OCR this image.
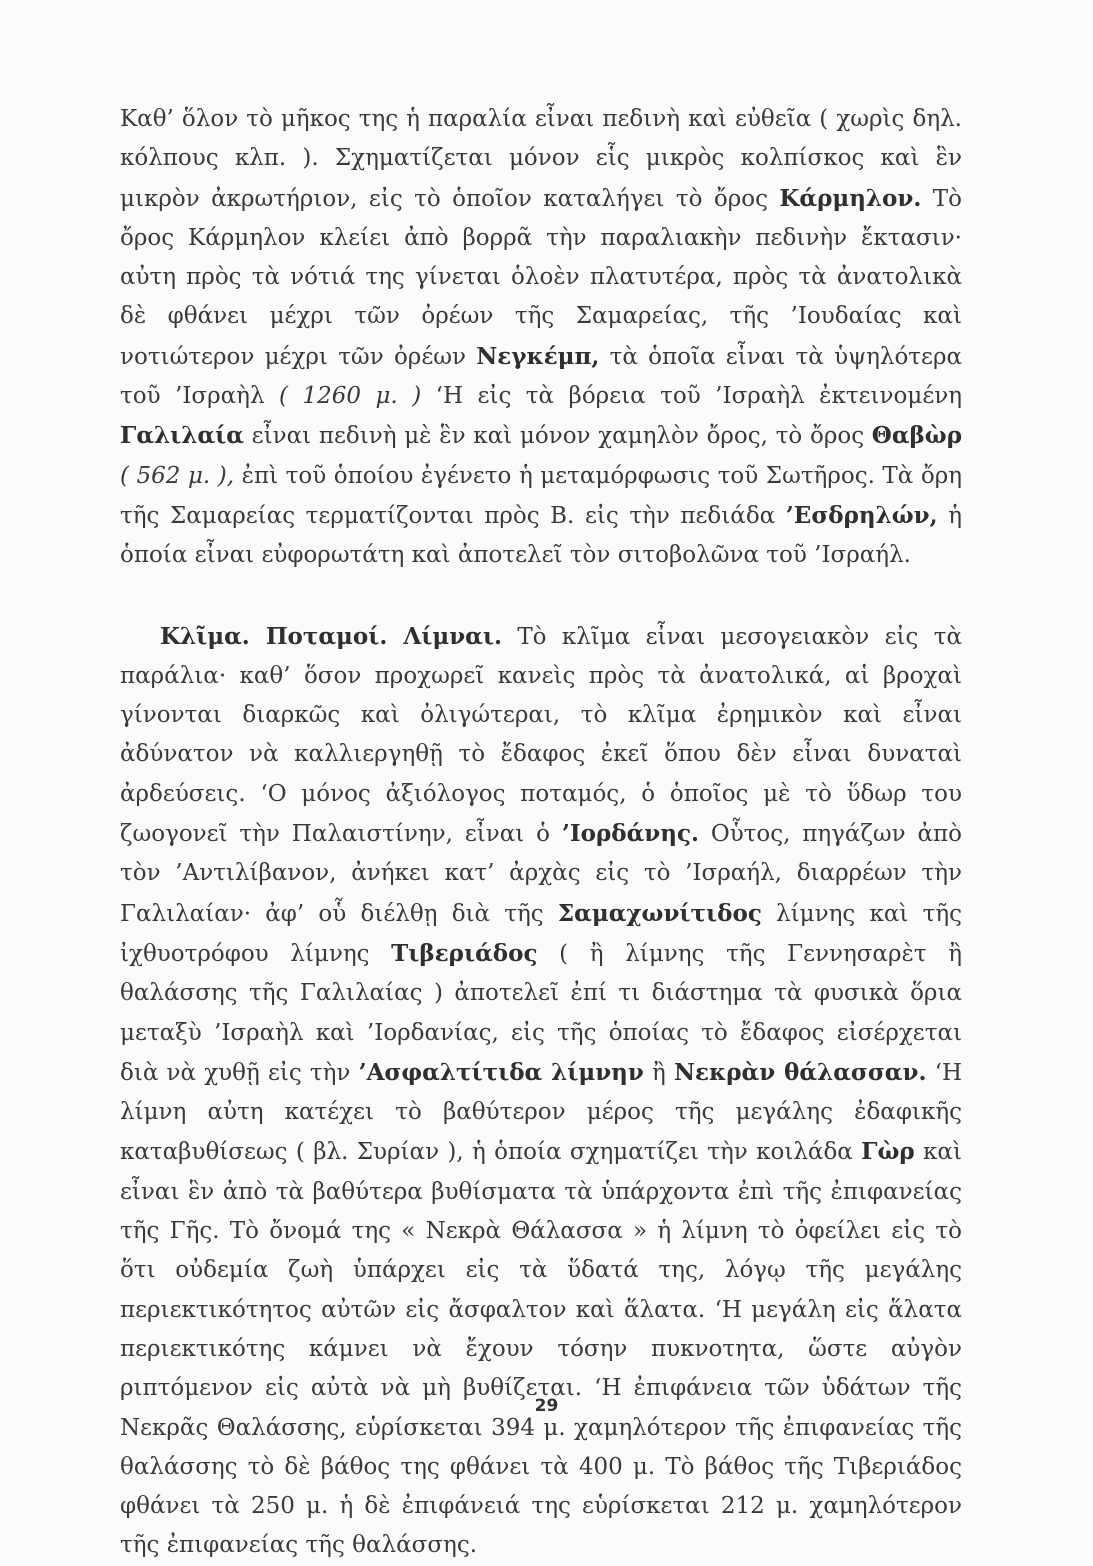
Καθ’ ὅλον τὸ μῆκος της ἡ παραλία εἶναι πεδινὴ καὶ εὐθεῖα ( χωρὶς δηλ. κόλπους κλπ. ). Σχηματίζεται μόνον εἷς μικρὸς κολπίσκος καὶ ἓν μικρὸν ἀκρωτήριον, εἰς τὸ ὁποῖον καταλήγει τὸ ὄρος Κάρμηλον. Τὸ ὄρος Κάρμηλον κλείει ἀπὸ βορρᾶ τὴν παραλιακὴν πεδινὴν ἔκτασιν· αὐτη πρὸς τὰ νότιά της γίνεται ὁλοὲν πλατυτέρα, πρὸς τὰ ἀνατολικὰ δὲ φθάνει μέχρι τῶν ὀρέων τῆς Σαμαρείας, τῆς ’Ιουδαίας καὶ νοτιώτερον μέχρι τῶν ὀρέων Νεγκέμπ, τὰ ὁποῖα εἶναι τὰ ὑψηλότερα τοῦ ’Ισραὴλ ( 1260 μ. ) ‘Η εἰς τὰ βόρεια τοῦ ’Ισραὴλ ἐκτεινομένη Γαλιλαία εἶναι πεδινὴ μὲ ἓν καὶ μόνον χαμηλὸν ὄρος, τὸ ὄρος Θαβὼρ ( 562 μ. ), ἐπὶ τοῦ ὁποίου ἐγένετο ἡ μεταμόρφωσις τοῦ Σωτῆρος. Τὰ ὄρη τῆς Σαμαρείας τερματίζονται πρὸς Β. εἰς τὴν πεδιάδα ’Εσδρηλών, ἡ ὁποία εἶναι εὐφορωτάτη καὶ ἀποτελεῖ τὸν σιτοβολῶνα τοῦ ’Ισραήλ.

Κλῖμα. Ποταμοί. Λίμναι. Τὸ κλῖμα εἶναι μεσογειακὸν εἰς τὰ παράλια· καθ’ ὅσον προχωρεῖ κανεὶς πρὸς τὰ ἀνατολικά, αἱ βροχαὶ γίνονται διαρκῶς καὶ ὀλιγώτεραι, τὸ κλῖμα ἐρημικὸν καὶ εἶναι ἀδύνατον νὰ καλλιεργηθῇ τὸ ἔδαφος ἐκεῖ ὅπου δὲν εἶναι δυναταὶ ἀρδεύσεις. ‘Ο μόνος ἀξιόλογος ποταμός, ὁ ὁποῖος μὲ τὸ ὕδωρ του ζωογονεῖ τὴν Παλαιστίνην, εἶναι ὁ ’Ιορδάνης. Οὗτος, πηγάζων ἀπὸ τὸν ’Αντιλίβανον, ἀνήκει κατ’ ἀρχὰς εἰς τὸ ’Ισραήλ, διαρρέων τὴν Γαλιλαίαν· ἀφ’ οὗ διέλθῃ διὰ τῆς Σαμαχωνίτιδος λίμνης καὶ τῆς ἰχθυοτρόφου λίμνης Τιβεριάδος ( ἢ λίμνης τῆς Γεννησαρὲτ ἢ θαλάσσης τῆς Γαλιλαίας ) ἀποτελεῖ ἐπί τι διάστημα τὰ φυσικὰ ὅρια μεταξὺ ’Ισραὴλ καὶ ’Ιορδανίας, εἰς τῆς ὁποίας τὸ ἔδαφος εἰσέρχεται διὰ νὰ χυθῇ εἰς τὴν ’Ασφαλτίτιδα λίμνην ἢ Νεκρὰν θάλασσαν. ‘Η λίμνη αὐτη κατέχει τὸ βαθύτερον μέρος τῆς μεγάλης ἐδαφικῆς καταβυθίσεως ( βλ. Συρίαν ), ἡ ὁποία σχηματίζει τὴν κοιλάδα Γὼρ καὶ εἶναι ἓν ἀπὸ τὰ βαθύτερα βυθίσματα τὰ ὑπάρχοντα ἐπὶ τῆς ἐπιφανείας τῆς Γῆς. Τὸ ὄνομά της « Νεκρὰ Θάλασσα » ἡ λίμνη τὸ ὀφείλει εἰς τὸ ὅτι οὐδεμία ζωὴ ὑπάρχει εἰς τὰ ὕδατά της, λόγῳ τῆς μεγάλης περιεκτικότητος αὐτῶν εἰς ἄσφαλτον καὶ ἅλατα. ‘Η μεγάλη εἰς ἅλατα περιεκτικότης κάμνει νὰ ἔχουν τόσην πυκνοτητα, ὥστε αὐγὸν ριπτόμενον εἰς αὐτὰ νὰ μὴ βυθίζεται. ‘Η ἐπιφάνεια τῶν ὑδάτων τῆς Νεκρᾶς Θαλάσσης, εὑρίσκεται 394 μ. χαμηλότερον τῆς ἐπιφανείας τῆς θαλάσσης τὸ δὲ βάθος της φθάνει τὰ 400 μ. Τὸ βάθος τῆς Τιβεριάδος φθάνει τὰ 250 μ. ἡ δὲ ἐπιφάνειά της εὑρίσκεται 212 μ. χαμηλότερον τῆς ἐπιφανείας τῆς θαλάσσης.

29
